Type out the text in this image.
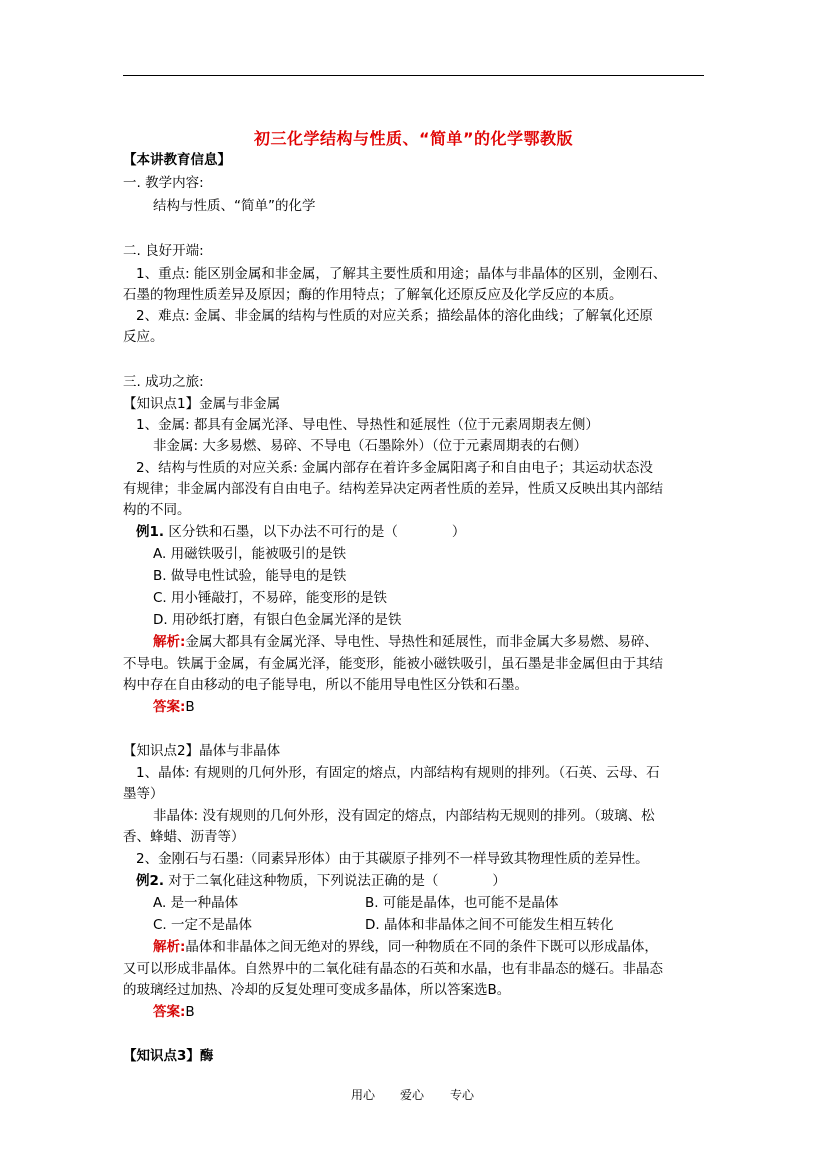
初三化学结构与性质、“简单”的化学鄂教版
【本讲教育信息】
一. 教学内容:
结构与性质、“简单”的化学
二. 良好开端:
1、重点: 能区别金属和非金属，了解其主要性质和用途；晶体与非晶体的区别，金刚石、
石墨的物理性质差异及原因；酶的作用特点；了解氧化还原反应及化学反应的本质。
2、难点: 金属、非金属的结构与性质的对应关系；描绘晶体的溶化曲线；了解氧化还原
反应。
三. 成功之旅:
【知识点1】金属与非金属
1、金属: 都具有金属光泽、导电性、导热性和延展性（位于元素周期表左侧）
非金属: 大多易燃、易碎、不导电（石墨除外）（位于元素周期表的右侧）
2、结构与性质的对应关系: 金属内部存在着许多金属阳离子和自由电子；其运动状态没
有规律；非金属内部没有自由电子。结构差异决定两者性质的差异，性质又反映出其内部结
构的不同。
例1. 区分铁和石墨，以下办法不可行的是（　　　　）
A. 用磁铁吸引，能被吸引的是铁
B. 做导电性试验，能导电的是铁
C. 用小锤敲打，不易碎，能变形的是铁
D. 用砂纸打磨，有银白色金属光泽的是铁
解析:金属大都具有金属光泽、导电性、导热性和延展性，而非金属大多易燃、易碎、
不导电。铁属于金属，有金属光泽，能变形，能被小磁铁吸引，虽石墨是非金属但由于其结
构中存在自由移动的电子能导电，所以不能用导电性区分铁和石墨。
答案:B
【知识点2】晶体与非晶体
1、晶体: 有规则的几何外形，有固定的熔点，内部结构有规则的排列。（石英、云母、石
墨等）
非晶体: 没有规则的几何外形，没有固定的熔点，内部结构无规则的排列。（玻璃、松
香、蜂蜡、沥青等）
2、金刚石与石墨:（同素异形体）由于其碳原子排列不一样导致其物理性质的差异性。
例2. 对于二氧化硅这种物质，下列说法正确的是（　　　　）
A. 是一种晶体	B. 可能是晶体，也可能不是晶体
C. 一定不是晶体	D. 晶体和非晶体之间不可能发生相互转化
解析:晶体和非晶体之间无绝对的界线，同一种物质在不同的条件下既可以形成晶体，
又可以形成非晶体。自然界中的二氧化硅有晶态的石英和水晶，也有非晶态的燧石。非晶态
的玻璃经过加热、冷却的反复处理可变成多晶体，所以答案选B。
答案:B
【知识点3】酶
用心 爱心 专心
